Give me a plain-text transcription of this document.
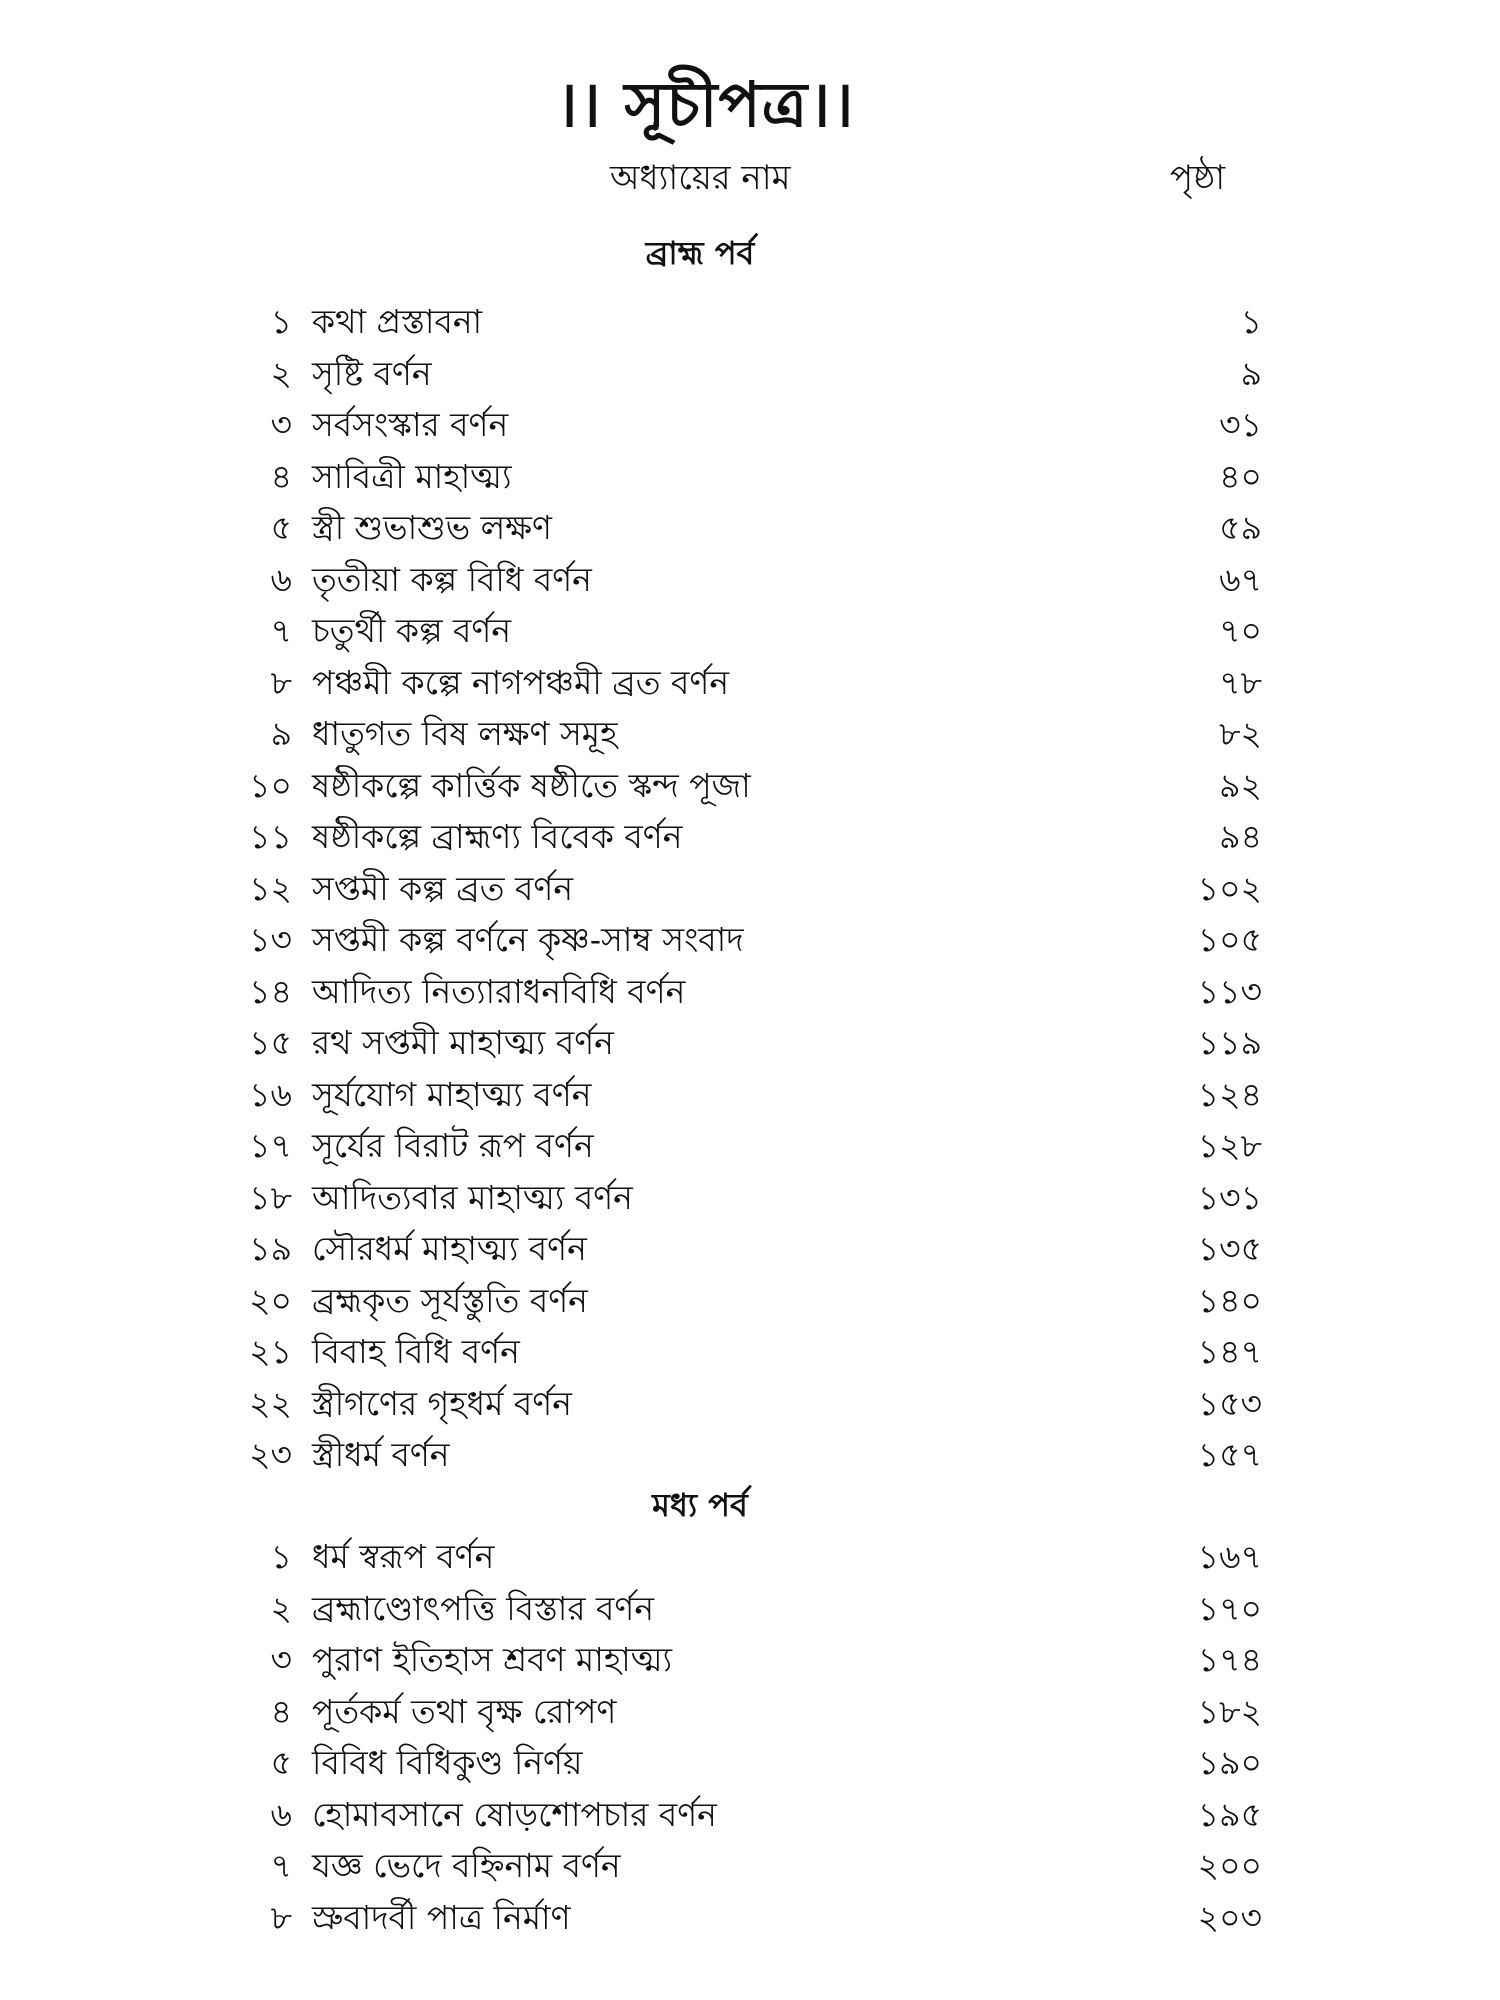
।। সূচীপত্র।।
অধ্যায়ের নাম	পৃষ্ঠা
ব্রাহ্ম পর্ব
১ কথা প্রস্তাবনা	১
২ সৃষ্টি বর্ণন	৯
৩ সর্বসংস্কার বর্ণন	৩১
৪ সাবিত্রী মাহাত্ম্য	৪০
৫ স্ত্রী শুভাশুভ লক্ষণ	৫৯
৬ তৃতীয়া কল্প বিধি বর্ণন	৬৭
৭ চতুর্থী কল্প বর্ণন	৭০
৮ পঞ্চমী কল্পে নাগপঞ্চমী ব্রত বর্ণন	৭৮
৯ ধাতুগত বিষ লক্ষণ সমূহ	৮২
১০ ষষ্ঠীকল্পে কার্ত্তিক ষষ্ঠীতে স্কন্দ পূজা	৯২
১১ ষষ্ঠীকল্পে ব্রাহ্মণ্য বিবেক বর্ণন	৯৪
১২ সপ্তমী কল্প ব্রত বর্ণন	১০২
১৩ সপ্তমী কল্প বর্ণনে কৃষ্ণ-সাম্ব সংবাদ	১০৫
১৪ আদিত্য নিত্যারাধনবিধি বর্ণন	১১৩
১৫ রথ সপ্তমী মাহাত্ম্য বর্ণন	১১৯
১৬ সূর্যযোগ মাহাত্ম্য বর্ণন	১২৪
১৭ সূর্যের বিরাট রূপ বর্ণন	১২৮
১৮ আদিত্যবার মাহাত্ম্য বর্ণন	১৩১
১৯ সৌরধর্ম মাহাত্ম্য বর্ণন	১৩৫
২০ ব্রহ্মকৃত সূর্যস্তুতি বর্ণন	১৪০
২১ বিবাহ বিধি বর্ণন	১৪৭
২২ স্ত্রীগণের গৃহধর্ম বর্ণন	১৫৩
২৩ স্ত্রীধর্ম বর্ণন	১৫৭
মধ্য পর্ব
১ ধর্ম স্বরূপ বর্ণন	১৬৭
২ ব্রহ্মাণ্ডোৎপত্তি বিস্তার বর্ণন	১৭০
৩ পুরাণ ইতিহাস শ্রবণ মাহাত্ম্য	১৭৪
৪ পূর্তকর্ম তথা বৃক্ষ রোপণ	১৮২
৫ বিবিধ বিধিকুণ্ড নির্ণয়	১৯০
৬ হোমাবসানে ষোড়শোপচার বর্ণন	১৯৫
৭ যজ্ঞ ভেদে বহ্নিনাম বর্ণন	২০০
৮ স্রুবাদর্বী পাত্র নির্মাণ	২০৩
